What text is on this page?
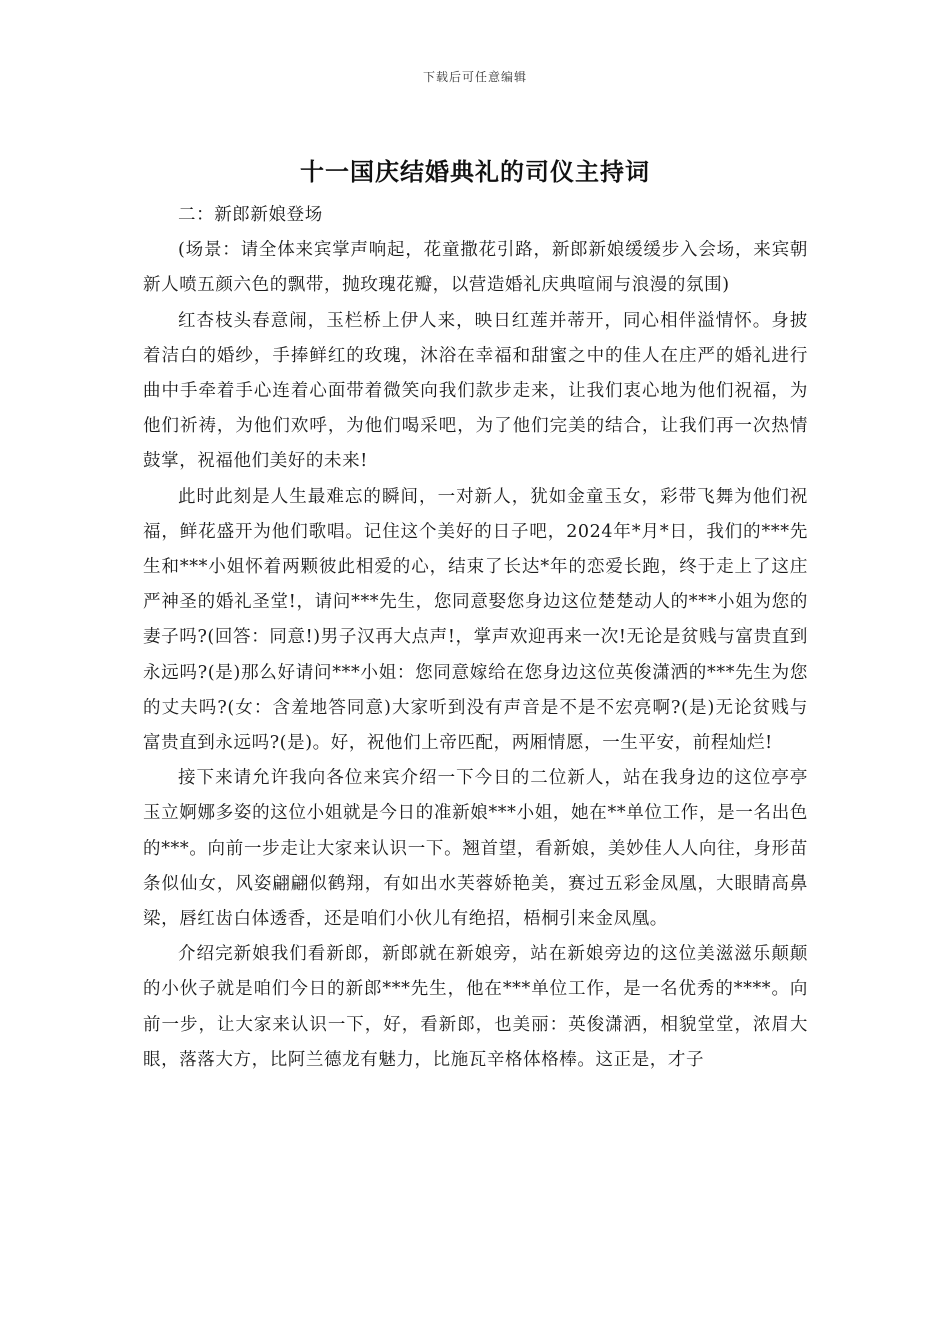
下载后可任意编辑
十一国庆结婚典礼的司仪主持词

二：新郎新娘登场

(场景：请全体来宾掌声响起，花童撒花引路，新郎新娘缓缓步入会场，来宾朝新人喷五颜六色的飘带，抛玫瑰花瓣，以营造婚礼庆典喧闹与浪漫的氛围)

红杏枝头春意闹，玉栏桥上伊人来，映日红莲并蒂开，同心相伴溢情怀。身披着洁白的婚纱，手捧鲜红的玫瑰，沐浴在幸福和甜蜜之中的佳人在庄严的婚礼进行曲中手牵着手心连着心面带着微笑向我们款步走来，让我们衷心地为他们祝福，为他们祈祷，为他们欢呼，为他们喝采吧，为了他们完美的结合，让我们再一次热情鼓掌，祝福他们美好的未来!

此时此刻是人生最难忘的瞬间，一对新人，犹如金童玉女，彩带飞舞为他们祝福，鲜花盛开为他们歌唱。记住这个美好的日子吧，2024年*月*日，我们的***先生和***小姐怀着两颗彼此相爱的心，结束了长达*年的恋爱长跑，终于走上了这庄严神圣的婚礼圣堂!，请问***先生，您同意娶您身边这位楚楚动人的***小姐为您的妻子吗?(回答：同意!)男子汉再大点声!，掌声欢迎再来一次!无论是贫贱与富贵直到永远吗?(是)那么好请问***小姐：您同意嫁给在您身边这位英俊潇洒的***先生为您的丈夫吗?(女：含羞地答同意)大家听到没有声音是不是不宏亮啊?(是)无论贫贱与富贵直到永远吗?(是)。好，祝他们上帝匹配，两厢情愿，一生平安，前程灿烂!

接下来请允许我向各位来宾介绍一下今日的二位新人，站在我身边的这位亭亭玉立婀娜多姿的这位小姐就是今日的准新娘***小姐，她在**单位工作，是一名出色的***。向前一步走让大家来认识一下。翘首望，看新娘，美妙佳人人向往，身形苗条似仙女，风姿翩翩似鹤翔，有如出水芙蓉娇艳美，赛过五彩金凤凰，大眼睛高鼻梁，唇红齿白体透香，还是咱们小伙儿有绝招，梧桐引来金凤凰。

介绍完新娘我们看新郎，新郎就在新娘旁，站在新娘旁边的这位美滋滋乐颠颠的小伙子就是咱们今日的新郎***先生，他在***单位工作，是一名优秀的****。向前一步，让大家来认识一下，好，看新郎，也美丽：英俊潇洒，相貌堂堂，浓眉大眼，落落大方，比阿兰德龙有魅力，比施瓦辛格体格棒。这正是，才子
